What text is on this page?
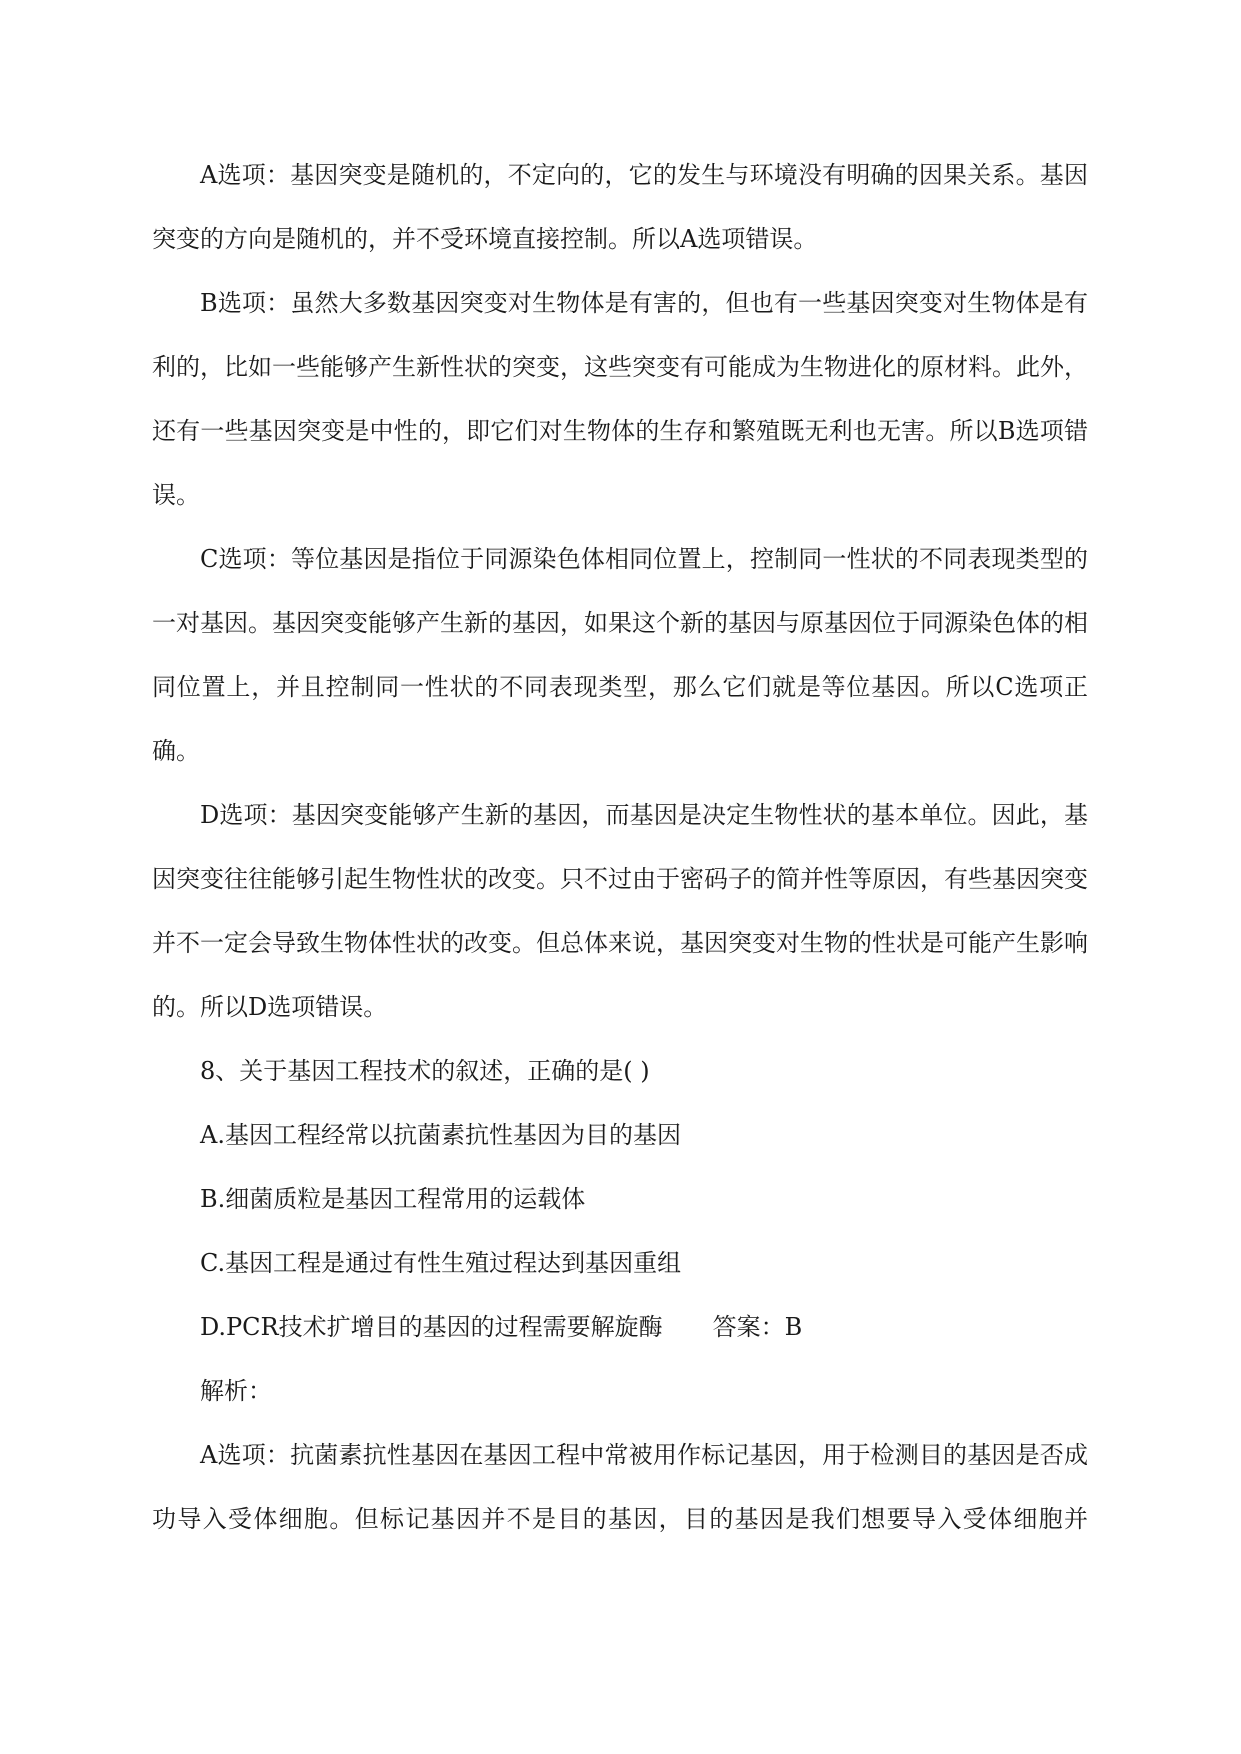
A选项：基因突变是随机的，不定向的，它的发生与环境没有明确的因果关系。基因突变的方向是随机的，并不受环境直接控制。所以A选项错误。

B选项：虽然大多数基因突变对生物体是有害的，但也有一些基因突变对生物体是有利的，比如一些能够产生新性状的突变，这些突变有可能成为生物进化的原材料。此外，还有一些基因突变是中性的，即它们对生物体的生存和繁殖既无利也无害。所以B选项错误。

C选项：等位基因是指位于同源染色体相同位置上，控制同一性状的不同表现类型的一对基因。基因突变能够产生新的基因，如果这个新的基因与原基因位于同源染色体的相同位置上，并且控制同一性状的不同表现类型，那么它们就是等位基因。所以C选项正确。

D选项：基因突变能够产生新的基因，而基因是决定生物性状的基本单位。因此，基因突变往往能够引起生物性状的改变。只不过由于密码子的简并性等原因，有些基因突变并不一定会导致生物体性状的改变。但总体来说，基因突变对生物的性状是可能产生影响的。所以D选项错误。

8、关于基因工程技术的叙述，正确的是( )

A.基因工程经常以抗菌素抗性基因为目的基因

B.细菌质粒是基因工程常用的运载体

C.基因工程是通过有性生殖过程达到基因重组

D.PCR技术扩增目的基因的过程需要解旋酶 答案：B

解析：

A选项：抗菌素抗性基因在基因工程中常被用作标记基因，用于检测目的基因是否成功导入受体细胞。但标记基因并不是目的基因，目的基因是我们想要导入受体细胞并
